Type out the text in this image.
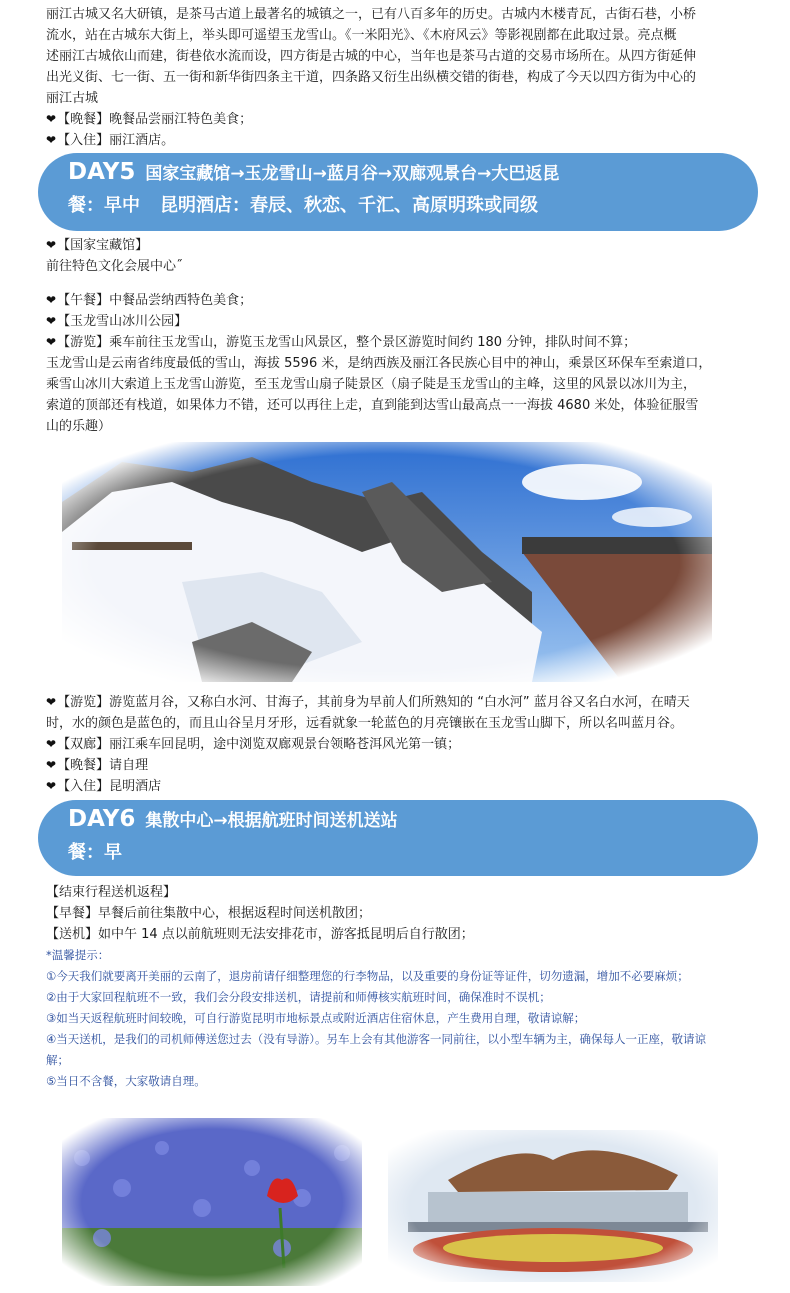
丽江古城又名大研镇，是茶马古道上最著名的城镇之一，已有八百多年的历史。古城内木楼青瓦，古街石巷，小桥
流水，站在古城东大街上，举头即可遥望玉龙雪山。《一米阳光》、《木府风云》等影视剧都在此取过景。亮点概
述丽江古城依山而建，街巷依水流而设，四方街是古城的中心，当年也是茶马古道的交易市场所在。从四方街延伸
出光义街、七一街、五一街和新华街四条主干道，四条路又衍生出纵横交错的街巷，构成了今天以四方街为中心的
丽江古城
❤【晚餐】晚餐品尝丽江特色美食；
❤【入住】丽江酒店。
DAY5 国家宝藏馆→玉龙雪山→蓝月谷→双廊观景台→大巴返昆
餐：早中 昆明酒店：春辰、秋恋、千汇、高原明珠或同级
❤【国家宝藏馆】
前往特色文化会展中心˝
❤【午餐】中餐品尝纳西特色美食；
❤【玉龙雪山冰川公园】
❤【游览】乘车前往玉龙雪山，游览玉龙雪山风景区，整个景区游览时间约 180 分钟，排队时间不算；
玉龙雪山是云南省纬度最低的雪山，海拔 5596 米，是纳西族及丽江各民族心目中的神山，乘景区环保车至索道口，
乘雪山冰川大索道上玉龙雪山游览，至玉龙雪山扇子陡景区（扇子陡是玉龙雪山的主峰，这里的风景以冰川为主，
索道的顶部还有栈道，如果体力不错，还可以再往上走，直到能到达雪山最高点一一海拔 4680 米处，体验征服雪
山的乐趣）
❤【游览】游览蓝月谷，又称白水河、甘海子，其前身为早前人们所熟知的 “白水河” 蓝月谷又名白水河，在晴天
时，水的颜色是蓝色的，而且山谷呈月牙形，远看就象一轮蓝色的月亮镶嵌在玉龙雪山脚下，所以名叫蓝月谷。
❤【双廊】丽江乘车回昆明，途中浏览双廊观景台领略苍洱风光第一镇；
❤【晚餐】请自理
❤【入住】昆明酒店
DAY6 集散中心→根据航班时间送机送站
餐：早
【结束行程送机返程】
【早餐】早餐后前往集散中心，根据返程时间送机散团；
【送机】如中午 14 点以前航班则无法安排花市，游客抵昆明后自行散团；
*温馨提示：
①今天我们就要离开美丽的云南了，退房前请仔细整理您的行李物品，以及重要的身份证等证件，切勿遗漏，增加不必要麻烦；
②由于大家回程航班不一致，我们会分段安排送机，请提前和师傅核实航班时间，确保准时不误机；
③如当天返程航班时间较晚，可自行游览昆明市地标景点或附近酒店住宿休息，产生费用自理，敬请谅解；
④当天送机，是我们的司机师傅送您过去（没有导游）。另车上会有其他游客一同前往，以小型车辆为主，确保每人一正座，敬请谅
解；
⑤当日不含餐，大家敬请自理。
